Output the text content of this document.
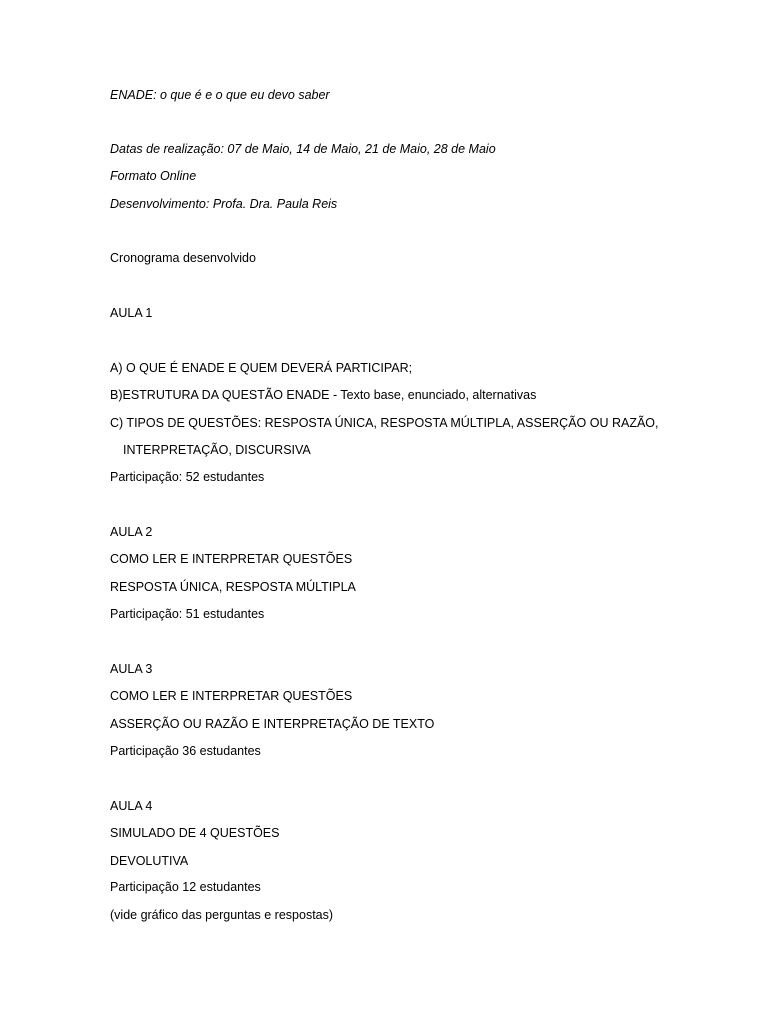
ENADE: o que é e o que eu devo saber
Datas de realização: 07 de Maio, 14 de Maio, 21 de Maio, 28 de Maio
Formato Online
Desenvolvimento: Profa. Dra. Paula Reis
Cronograma desenvolvido
AULA 1
A) O QUE É ENADE E QUEM DEVERÁ PARTICIPAR;
B)ESTRUTURA DA QUESTÃO ENADE - Texto base, enunciado, alternativas
C) TIPOS DE QUESTÕES: RESPOSTA ÚNICA, RESPOSTA MÚLTIPLA, ASSERÇÃO OU RAZÃO,
INTERPRETAÇÃO, DISCURSIVA
Participação: 52 estudantes
AULA 2
COMO LER E INTERPRETAR QUESTÕES
RESPOSTA ÚNICA, RESPOSTA MÚLTIPLA
Participação: 51 estudantes
AULA 3
COMO LER E INTERPRETAR QUESTÕES
ASSERÇÃO OU RAZÃO E INTERPRETAÇÃO DE TEXTO
Participação 36 estudantes
AULA 4
SIMULADO DE 4 QUESTÕES
DEVOLUTIVA
Participação 12 estudantes
(vide gráfico das perguntas e respostas)
